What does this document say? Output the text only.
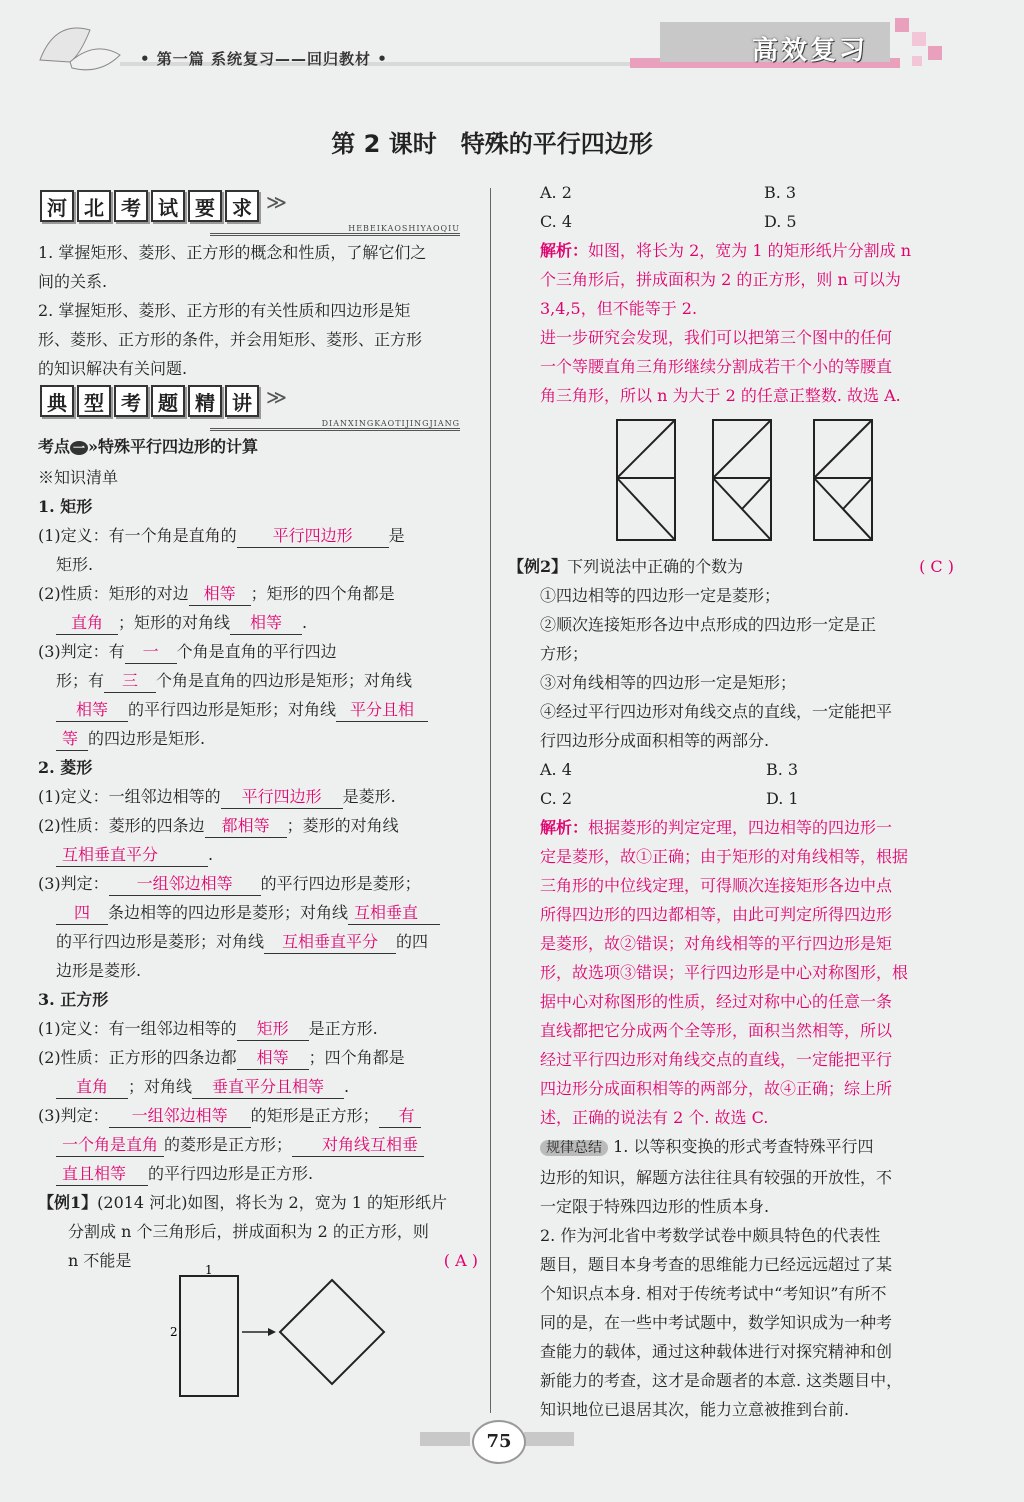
• 第一篇 系统复习——回归教材 •	高效复习
第 2 课时　特殊的平行四边形
河 北 考 试 要 求 ≫
HEBEIKAOSHIYAOQIU

1. 掌握矩形、菱形、正方形的概念和性质，了解它们之

间的关系.

2. 掌握矩形、菱形、正方形的有关性质和四边形是矩

形、菱形、正方形的条件，并会用矩形、菱形、正方形

的知识解决有关问题.

典 型 考 题 精 讲 ≫
DIANXINGKAOTIJINGJIANG

考点 一 »特殊平行四边形的计算

※知识清单

1. 矩形

(1)定义：有一个角是直角的 平行四边形 是

矩形.

(2)性质：矩形的对边 相等 ；矩形的四个角都是

直角 ；矩形的对角线 相等 .

(3)判定：有 一 个角是直角的平行四边

形；有 三 个角是直角的四边形是矩形；对角线

相等 的平行四边形是矩形；对角线 平分且相

等 的四边形是矩形.

2. 菱形

(1)定义：一组邻边相等的 平行四边形 是菱形.

(2)性质：菱形的四条边 都相等 ；菱形的对角线

互相垂直平分	.

(3)判定： 一组邻边相等 的平行四边形是菱形；

四 条边相等的四边形是菱形；对角线 互相垂直

的平行四边形是菱形；对角线 互相垂直平分 的四

边形是菱形.

3. 正方形

(1)定义：有一组邻边相等的 矩形 是正方形.

(2)性质：正方形的四条边都 相等 ；四个角都是

直角 ；对角线 垂直平分且相等 .

(3)判定： 一组邻边相等 的矩形是正方形； 有

一个角是直角 的菱形是正方形； 对角线互相垂

直且相等 的平行四边形是正方形.

【例1】(2014 河北)如图，将长为 2，宽为 1 的矩形纸片

分割成 n 个三角形后，拼成面积为 2 的正方形，则

n 不能是	( A )

1
2
A. 2	B. 3
C. 4	D. 5

解析：如图，将长为 2，宽为 1 的矩形纸片分割成 n

个三角形后，拼成面积为 2 的正方形，则 n 可以为

3,4,5，但不能等于 2.

进一步研究会发现，我们可以把第三个图中的任何

一个等腰直角三角形继续分割成若干个小的等腰直

角三角形，所以 n 为大于 2 的任意正整数. 故选 A.

【例2】下列说法中正确的个数为	( C )

①四边相等的四边形一定是菱形；

②顺次连接矩形各边中点形成的四边形一定是正

方形；

③对角线相等的四边形一定是矩形；

④经过平行四边形对角线交点的直线，一定能把平

行四边形分成面积相等的两部分.

A. 4	B. 3
C. 2	D. 1

解析：根据菱形的判定定理，四边相等的四边形一

定是菱形，故①正确；由于矩形的对角线相等，根据

三角形的中位线定理，可得顺次连接矩形各边中点

所得四边形的四边都相等，由此可判定所得四边形

是菱形，故②错误；对角线相等的平行四边形是矩

形，故选项③错误；平行四边形是中心对称图形，根

据中心对称图形的性质，经过对称中心的任意一条

直线都把它分成两个全等形，面积当然相等，所以

经过平行四边形对角线交点的直线，一定能把平行

四边形分成面积相等的两部分，故④正确；综上所

述，正确的说法有 2 个. 故选 C.

规律总结 1. 以等积变换的形式考查特殊平行四

边形的知识，解题方法往往具有较强的开放性，不

一定限于特殊四边形的性质本身.

2. 作为河北省中考数学试卷中颇具特色的代表性

题目，题目本身考查的思维能力已经远远超过了某

个知识点本身. 相对于传统考试中“考知识”有所不

同的是，在一些中考试题中，数学知识成为一种考

查能力的载体，通过这种载体进行对探究精神和创

新能力的考查，这才是命题者的本意. 这类题目中，

知识地位已退居其次，能力立意被推到台前.

75
